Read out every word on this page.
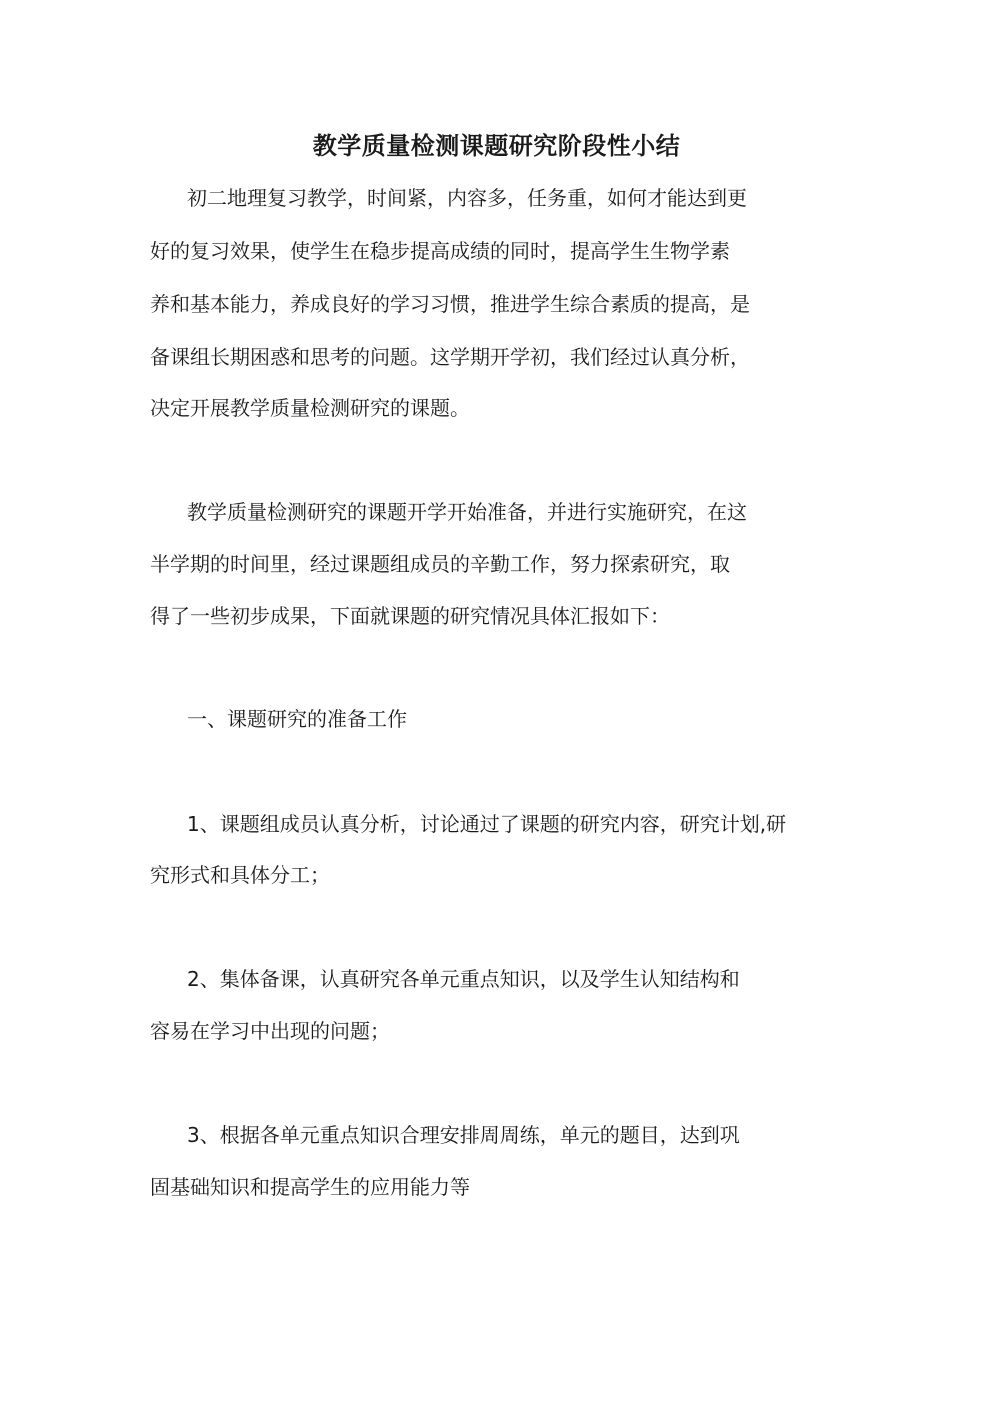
教学质量检测课题研究阶段性小结
初二地理复习教学，时间紧，内容多，任务重，如何才能达到更
好的复习效果，使学生在稳步提高成绩的同时，提高学生生物学素
养和基本能力，养成良好的学习习惯，推进学生综合素质的提高，是
备课组长期困惑和思考的问题。这学期开学初，我们经过认真分析，
决定开展教学质量检测研究的课题。
教学质量检测研究的课题开学开始准备，并进行实施研究，在这
半学期的时间里，经过课题组成员的辛勤工作，努力探索研究，取
得了一些初步成果，下面就课题的研究情况具体汇报如下：
一、课题研究的准备工作
1、课题组成员认真分析，讨论通过了课题的研究内容，研究计划,研
究形式和具体分工；
2、集体备课，认真研究各单元重点知识，以及学生认知结构和
容易在学习中出现的问题；
3、根据各单元重点知识合理安排周周练，单元的题目，达到巩
固基础知识和提高学生的应用能力等
